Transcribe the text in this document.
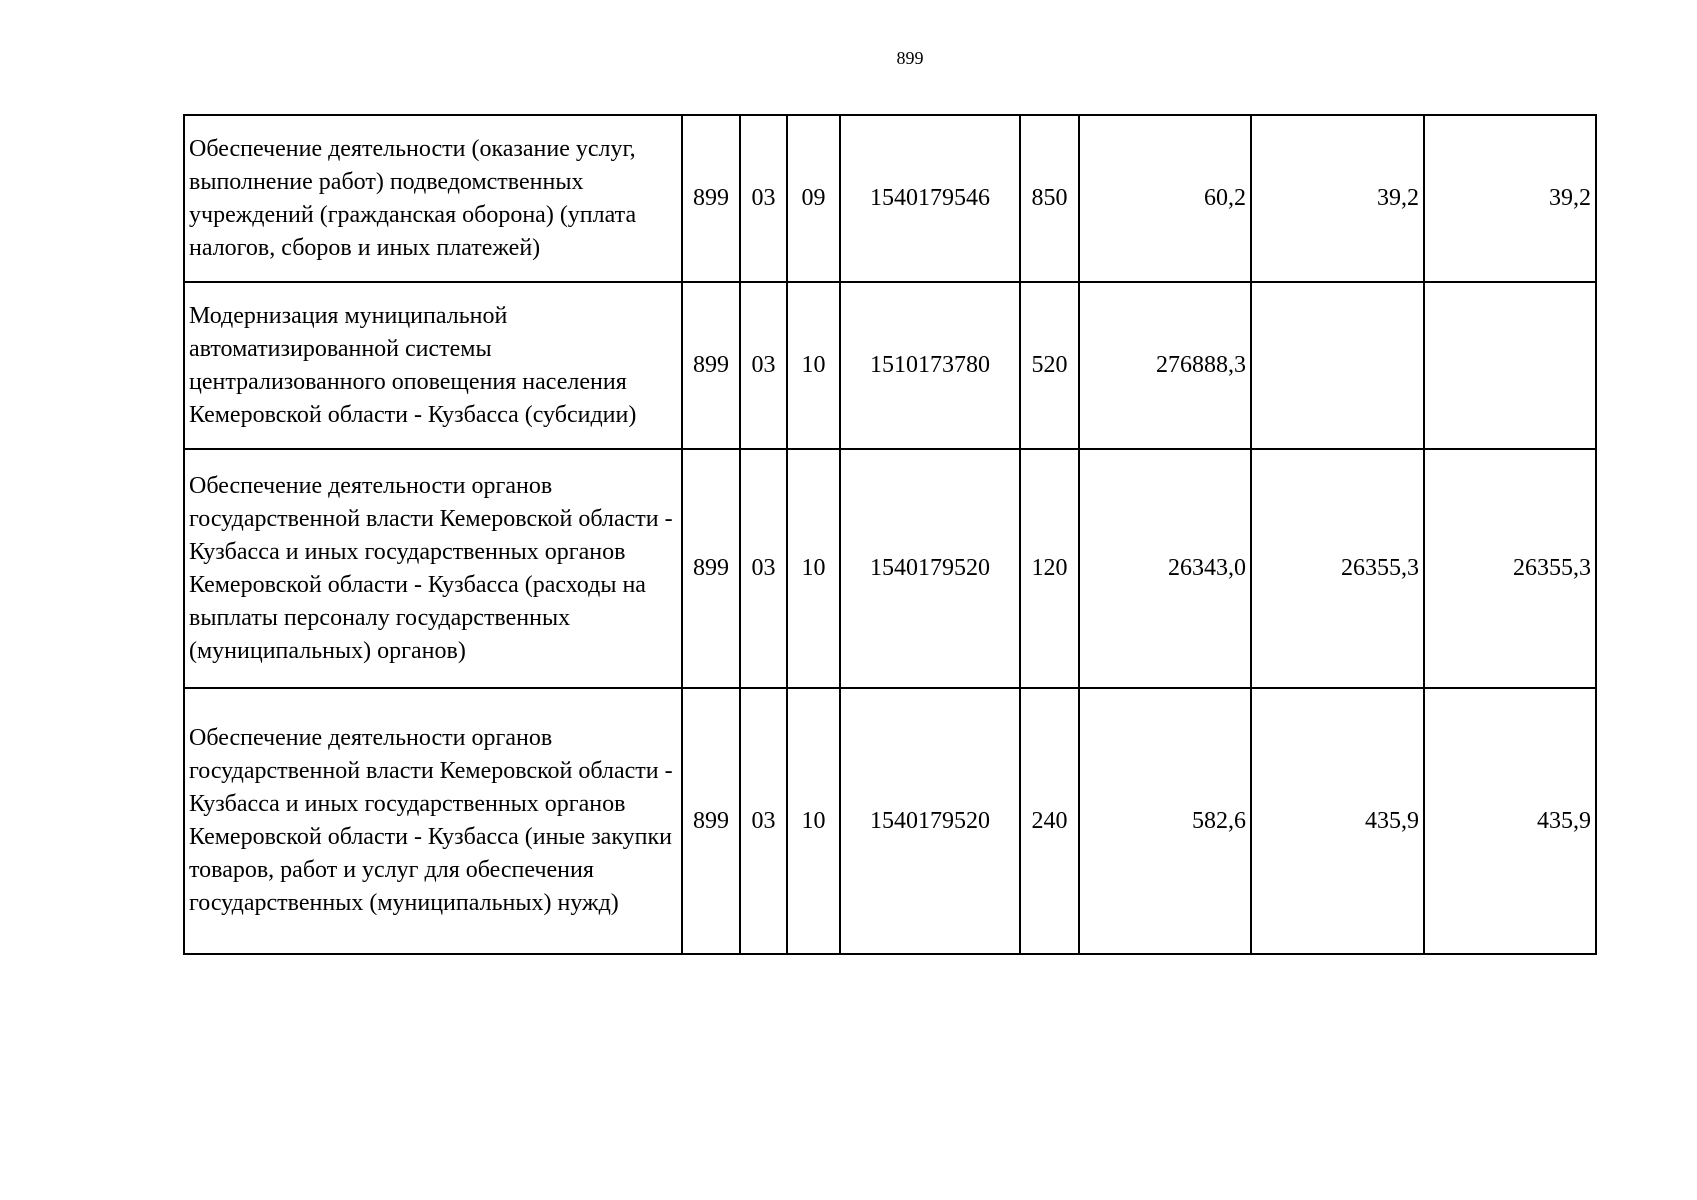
899
Обеспечение деятельности (оказание услуг, выполнение работ) подведомственных учреждений (гражданская оборона) (уплата налогов, сборов и иных платежей)	899	03	09	1540179546	850	60,2	39,2	39,2
Модернизация муниципальной автоматизированной системы централизованного оповещения населения Кемеровской области - Кузбасса (субсидии)	899	03	10	1510173780	520	276888,3		
Обеспечение деятельности органов государственной власти Кемеровской области - Кузбасса и иных государственных органов Кемеровской области - Кузбасса (расходы на выплаты персоналу государственных (муниципальных) органов)	899	03	10	1540179520	120	26343,0	26355,3	26355,3
Обеспечение деятельности органов государственной власти Кемеровской области - Кузбасса и иных государственных органов Кемеровской области - Кузбасса (иные закупки товаров, работ и услуг для обеспечения государственных (муниципальных) нужд)	899	03	10	1540179520	240	582,6	435,9	435,9
